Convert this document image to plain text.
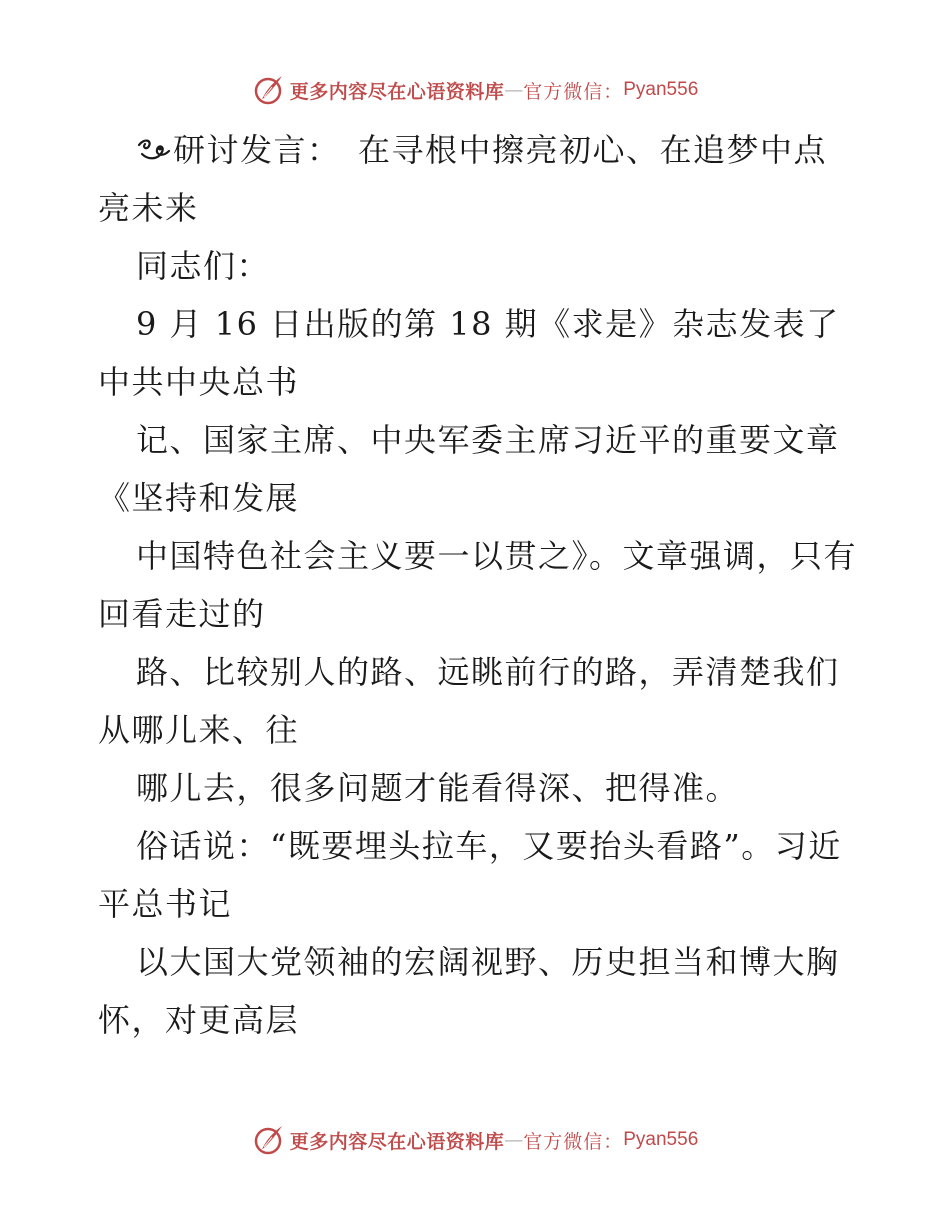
更多内容尽在心语资料库 — 官方微信： Pyan556

研讨发言：　在寻根中擦亮初心、在追梦中点亮未来

同志们：

9 月 16 日出版的第 18 期《求是》杂志发表了中共中央总书

记、国家主席、中央军委主席习近平的重要文章《坚持和发展

中国特色社会主义要一以贯之》。文章强调，只有回看走过的

路、比较别人的路、远眺前行的路，弄清楚我们从哪儿来、往

哪儿去，很多问题才能看得深、把得准。

俗话说：“既要埋头拉车，又要抬头看路”。习近平总书记

以大国大党领袖的宏阔视野、历史担当和博大胸怀，对更高层

更多内容尽在心语资料库 — 官方微信： Pyan556
